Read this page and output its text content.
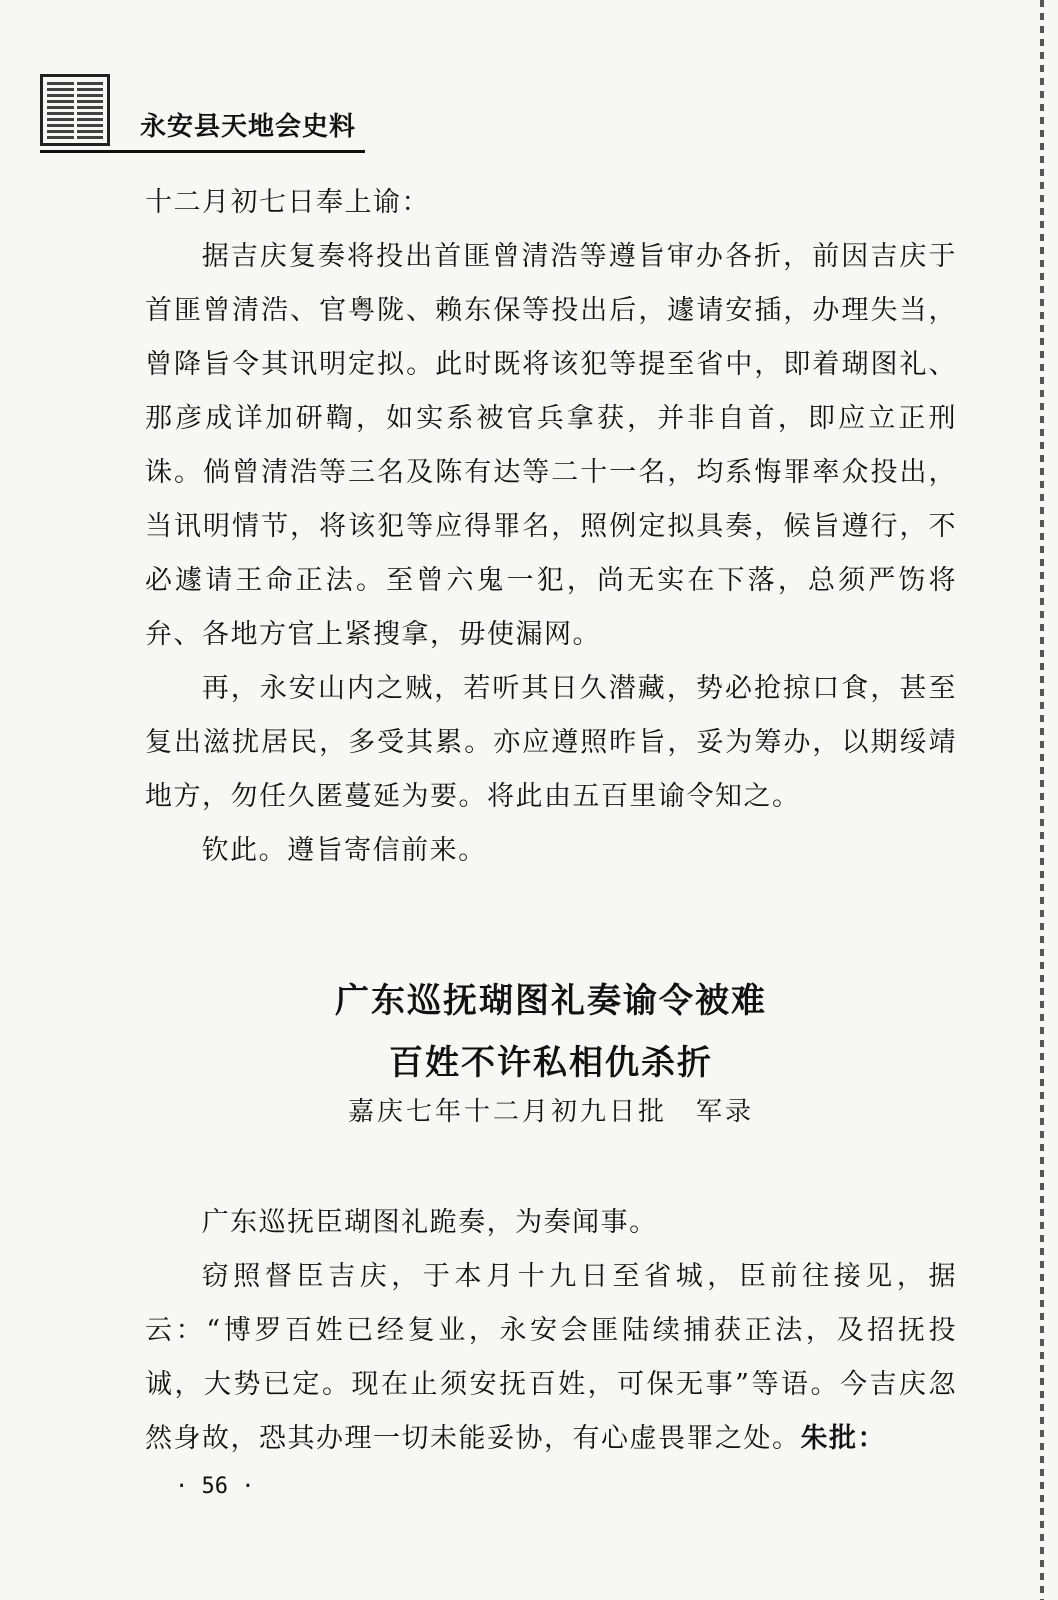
永安县天地会史料

十二月初七日奉上谕：

据吉庆复奏将投出首匪曾清浩等遵旨审办各折，前因吉庆于首匪曾清浩、官粤陇、赖东保等投出后，遽请安插，办理失当，曾降旨令其讯明定拟。此时既将该犯等提至省中，即着瑚图礼、那彦成详加研鞫，如实系被官兵拿获，并非自首，即应立正刑诛。倘曾清浩等三名及陈有达等二十一名，均系悔罪率众投出，当讯明情节，将该犯等应得罪名，照例定拟具奏，候旨遵行，不必遽请王命正法。至曾六鬼一犯，尚无实在下落，总须严饬将弁、各地方官上紧搜拿，毋使漏网。

再，永安山内之贼，若听其日久潜藏，势必抢掠口食，甚至复出滋扰居民，多受其累。亦应遵照昨旨，妥为筹办，以期绥靖地方，勿任久匿蔓延为要。将此由五百里谕令知之。

钦此。遵旨寄信前来。

广东巡抚瑚图礼奏谕令被难
百姓不许私相仇杀折
嘉庆七年十二月初九日批　军录

广东巡抚臣瑚图礼跪奏，为奏闻事。

窃照督臣吉庆，于本月十九日至省城，臣前往接见，据云：“博罗百姓已经复业，永安会匪陆续捕获正法，及招抚投诚，大势已定。现在止须安抚百姓，可保无事”等语。今吉庆忽然身故，恐其办理一切未能妥协，有心虚畏罪之处。朱批：

· 56 ·
